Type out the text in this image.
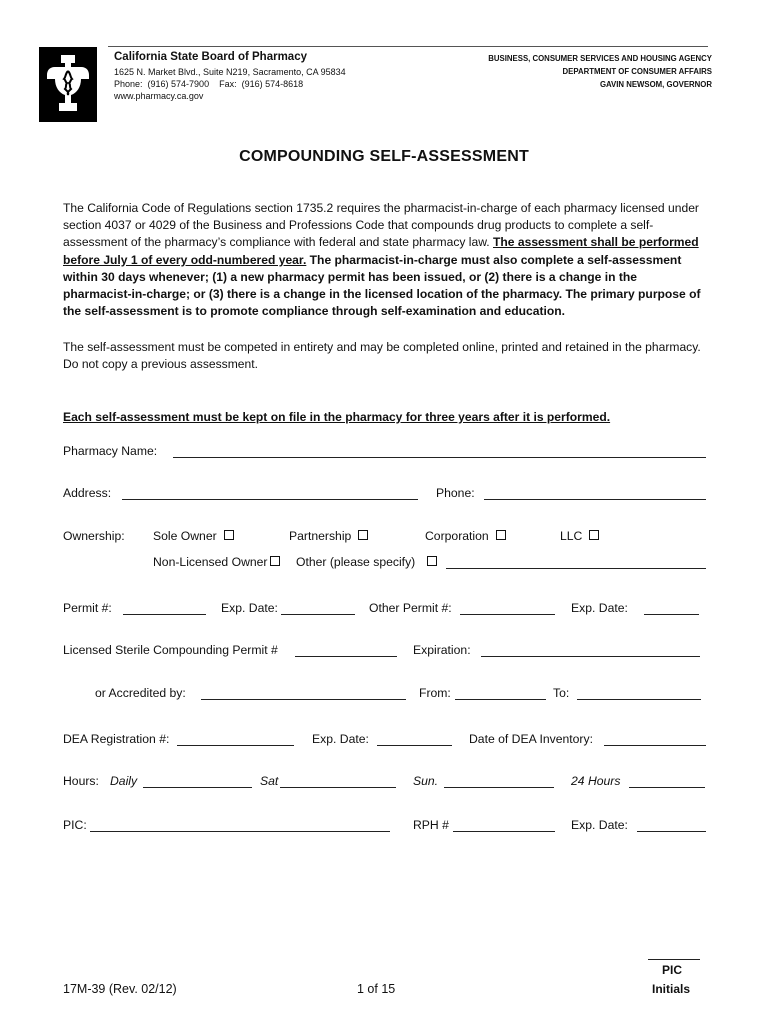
California State Board of Pharmacy
1625 N. Market Blvd., Suite N219, Sacramento, CA 95834
Phone:  (916) 574-7900    Fax:  (916) 574-8618
www.pharmacy.ca.gov
BUSINESS, CONSUMER SERVICES AND HOUSING AGENCY
DEPARTMENT OF CONSUMER AFFAIRS
GAVIN NEWSOM, GOVERNOR
COMPOUNDING SELF-ASSESSMENT
The California Code of Regulations section 1735.2 requires the pharmacist-in-charge of each pharmacy licensed under section 4037 or 4029 of the Business and Professions Code that compounds drug products to complete a self-assessment of the pharmacy’s compliance with federal and state pharmacy law. The assessment shall be performed before July 1 of every odd-numbered year. The pharmacist-in-charge must also complete a self-assessment within 30 days whenever; (1) a new pharmacy permit has been issued, or (2) there is a change in the pharmacist-in-charge; or (3) there is a change in the licensed location of the pharmacy. The primary purpose of the self-assessment is to promote compliance through self-examination and education.
The self-assessment must be competed in entirety and may be completed online, printed and retained in the pharmacy. Do not copy a previous assessment.
Each self-assessment must be kept on file in the pharmacy for three years after it is performed.
Pharmacy Name:
Address:	Phone:
Ownership: Sole Owner	Partnership	Corporation	LLC
Non-Licensed Owner	Other (please specify)
Permit #:	Exp. Date:	Other Permit #:	Exp. Date:
Licensed Sterile Compounding Permit #	Expiration:
or Accredited by:	From:	To:
DEA Registration #:	Exp. Date:	Date of DEA Inventory:
Hours: Daily	Sat	Sun.	24 Hours
PIC:	RPH #	Exp. Date:
17M-39 (Rev. 02/12)	1 of 15
PIC
Initials
